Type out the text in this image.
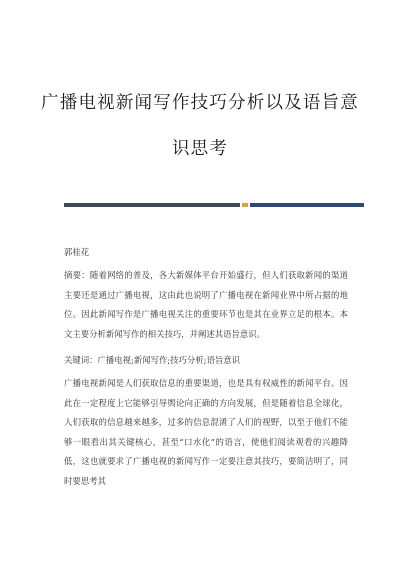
广播电视新闻写作技巧分析以及语旨意
识思考

郭桂花

摘要：随着网络的普及，各大新媒体平台开始盛行，但人们获取新闻的渠道主要还是通过广播电视，这由此也说明了广播电视在新闻业界中所占据的地位。因此新闻写作是广播电视关注的重要环节也是其在业界立足的根本。本文主要分析新闻写作的相关技巧，并阐述其语旨意识。

关键词：广播电视;新闻写作;技巧分析;语旨意识

广播电视新闻是人们获取信息的重要渠道，也是具有权威性的新闻平台。因此在一定程度上它能够引导舆论向正确的方向发展，但是随着信息全球化，人们获取的信息越来越多，过多的信息混淆了人们的视野，以至于他们不能够一眼看出其关键核心，甚至“口水化”的语言，使他们阅读观看的兴趣降低，这也就要求了广播电视的新闻写作一定要注意其技巧，要简洁明了，同时要思考其
